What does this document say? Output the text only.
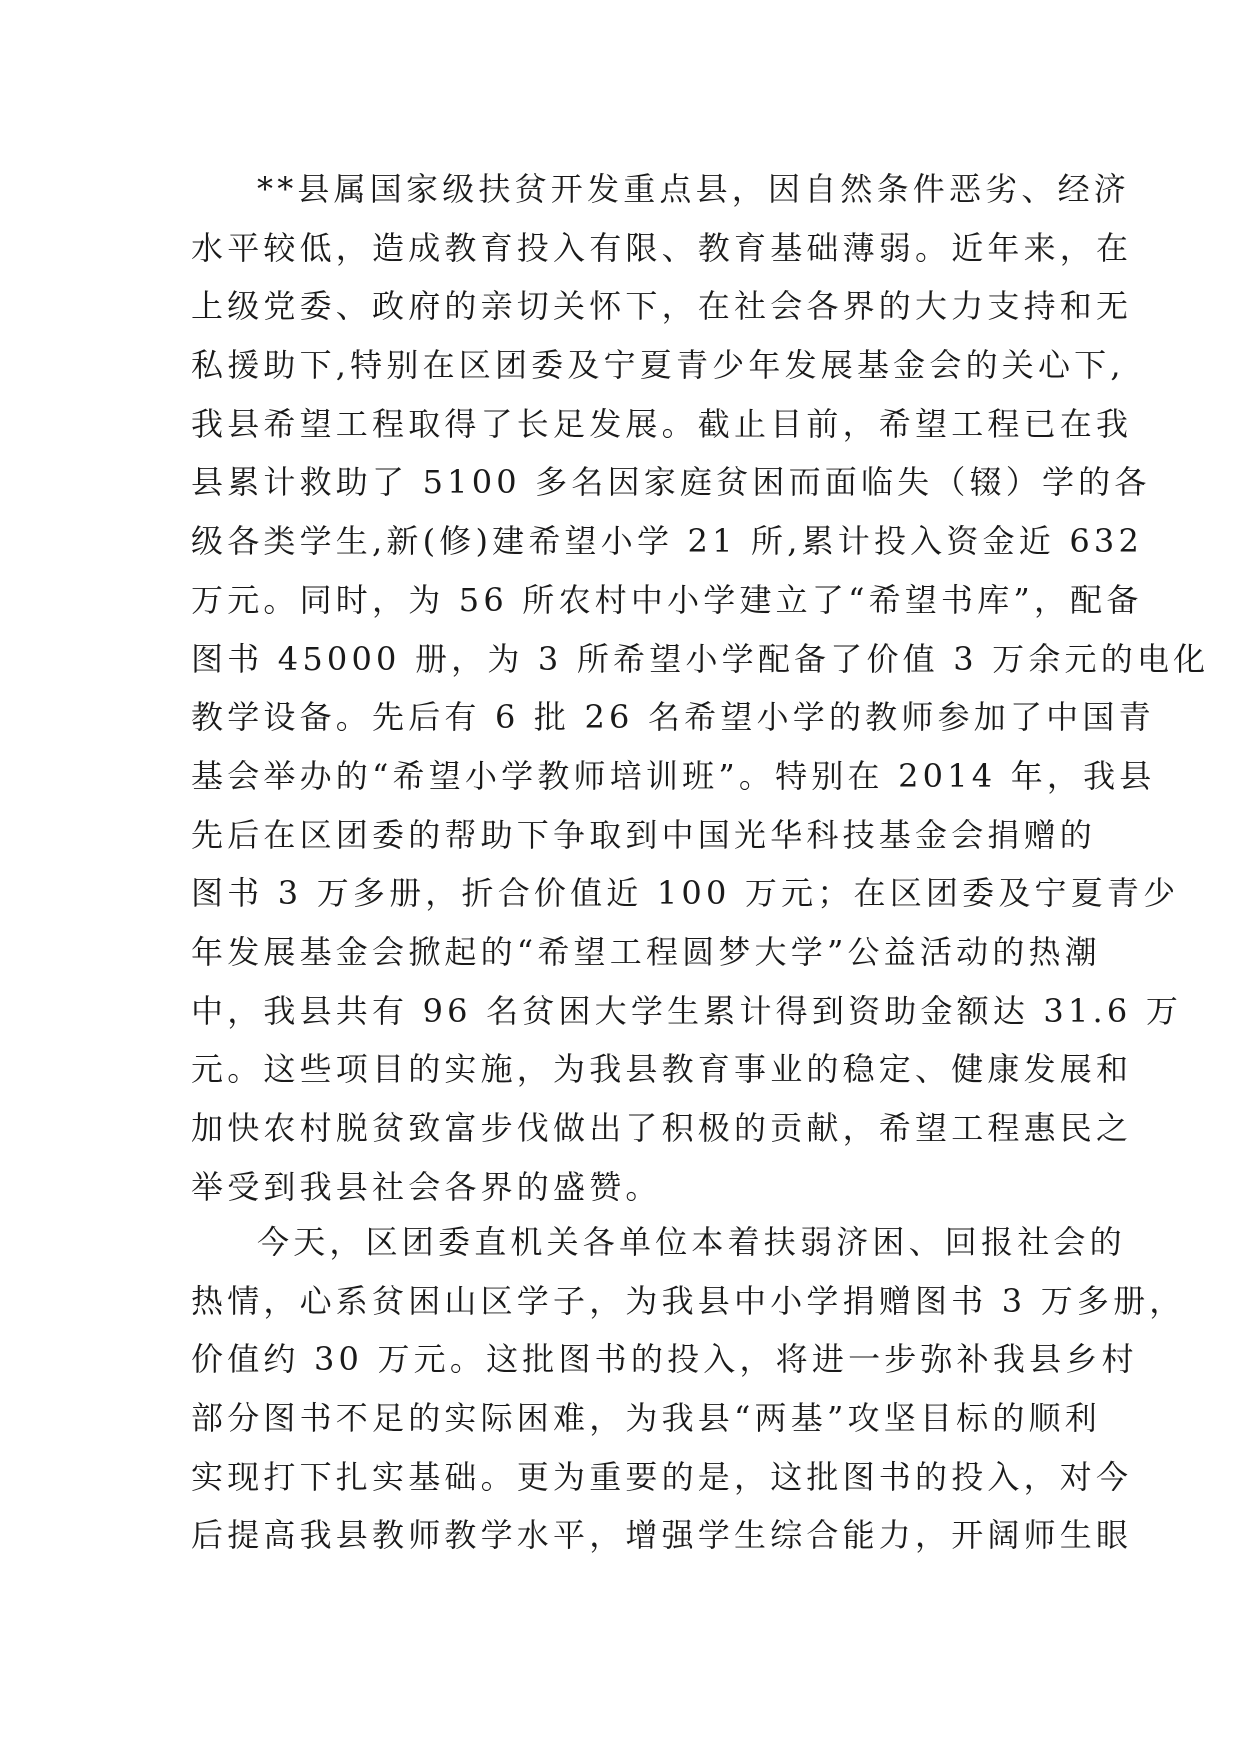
**县属国家级扶贫开发重点县，因自然条件恶劣、经济
水平较低，造成教育投入有限、教育基础薄弱。近年来，在
上级党委、政府的亲切关怀下，在社会各界的大力支持和无
私援助下,特别在区团委及宁夏青少年发展基金会的关心下,
我县希望工程取得了长足发展。截止目前，希望工程已在我
县累计救助了 5100 多名因家庭贫困而面临失（辍）学的各
级各类学生,新(修)建希望小学 21 所,累计投入资金近 632
万元。同时，为 56 所农村中小学建立了“希望书库”，配备
图书 45000 册，为 3 所希望小学配备了价值 3 万余元的电化
教学设备。先后有 6 批 26 名希望小学的教师参加了中国青
基会举办的“希望小学教师培训班”。特别在 2014 年，我县
先后在区团委的帮助下争取到中国光华科技基金会捐赠的
图书 3 万多册，折合价值近 100 万元；在区团委及宁夏青少
年发展基金会掀起的“希望工程圆梦大学”公益活动的热潮
中，我县共有 96 名贫困大学生累计得到资助金额达 31.6 万
元。这些项目的实施，为我县教育事业的稳定、健康发展和
加快农村脱贫致富步伐做出了积极的贡献，希望工程惠民之
举受到我县社会各界的盛赞。
今天，区团委直机关各单位本着扶弱济困、回报社会的
热情，心系贫困山区学子，为我县中小学捐赠图书 3 万多册，
价值约 30 万元。这批图书的投入，将进一步弥补我县乡村
部分图书不足的实际困难，为我县“两基”攻坚目标的顺利
实现打下扎实基础。更为重要的是，这批图书的投入，对今
后提高我县教师教学水平，增强学生综合能力，开阔师生眼
